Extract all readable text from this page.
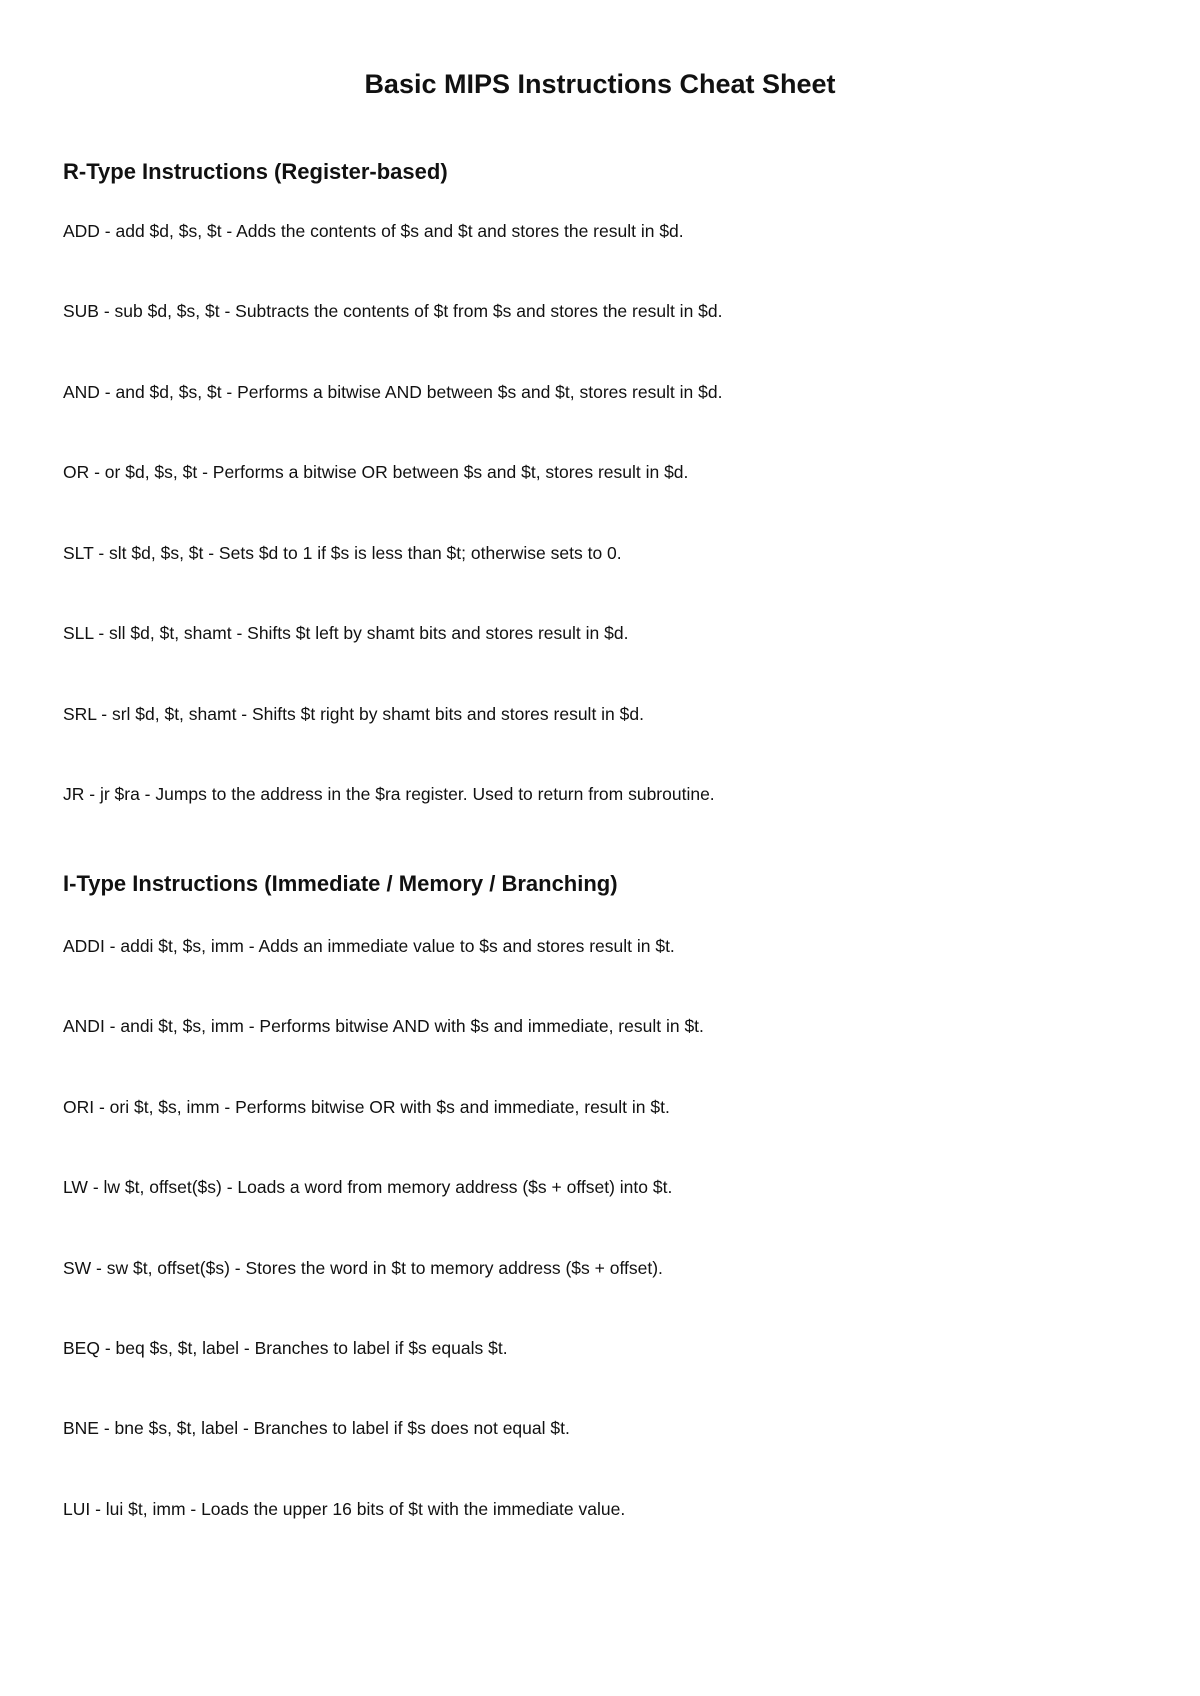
Basic MIPS Instructions Cheat Sheet
R-Type Instructions (Register-based)

ADD - add $d, $s, $t - Adds the contents of $s and $t and stores the result in $d.

SUB - sub $d, $s, $t - Subtracts the contents of $t from $s and stores the result in $d.

AND - and $d, $s, $t - Performs a bitwise AND between $s and $t, stores result in $d.

OR - or $d, $s, $t - Performs a bitwise OR between $s and $t, stores result in $d.

SLT - slt $d, $s, $t - Sets $d to 1 if $s is less than $t; otherwise sets to 0.

SLL - sll $d, $t, shamt - Shifts $t left by shamt bits and stores result in $d.

SRL - srl $d, $t, shamt - Shifts $t right by shamt bits and stores result in $d.

JR - jr $ra - Jumps to the address in the $ra register. Used to return from subroutine.

I-Type Instructions (Immediate / Memory / Branching)

ADDI - addi $t, $s, imm - Adds an immediate value to $s and stores result in $t.

ANDI - andi $t, $s, imm - Performs bitwise AND with $s and immediate, result in $t.

ORI - ori $t, $s, imm - Performs bitwise OR with $s and immediate, result in $t.

LW - lw $t, offset($s) - Loads a word from memory address ($s + offset) into $t.

SW - sw $t, offset($s) - Stores the word in $t to memory address ($s + offset).

BEQ - beq $s, $t, label - Branches to label if $s equals $t.

BNE - bne $s, $t, label - Branches to label if $s does not equal $t.

LUI - lui $t, imm - Loads the upper 16 bits of $t with the immediate value.
